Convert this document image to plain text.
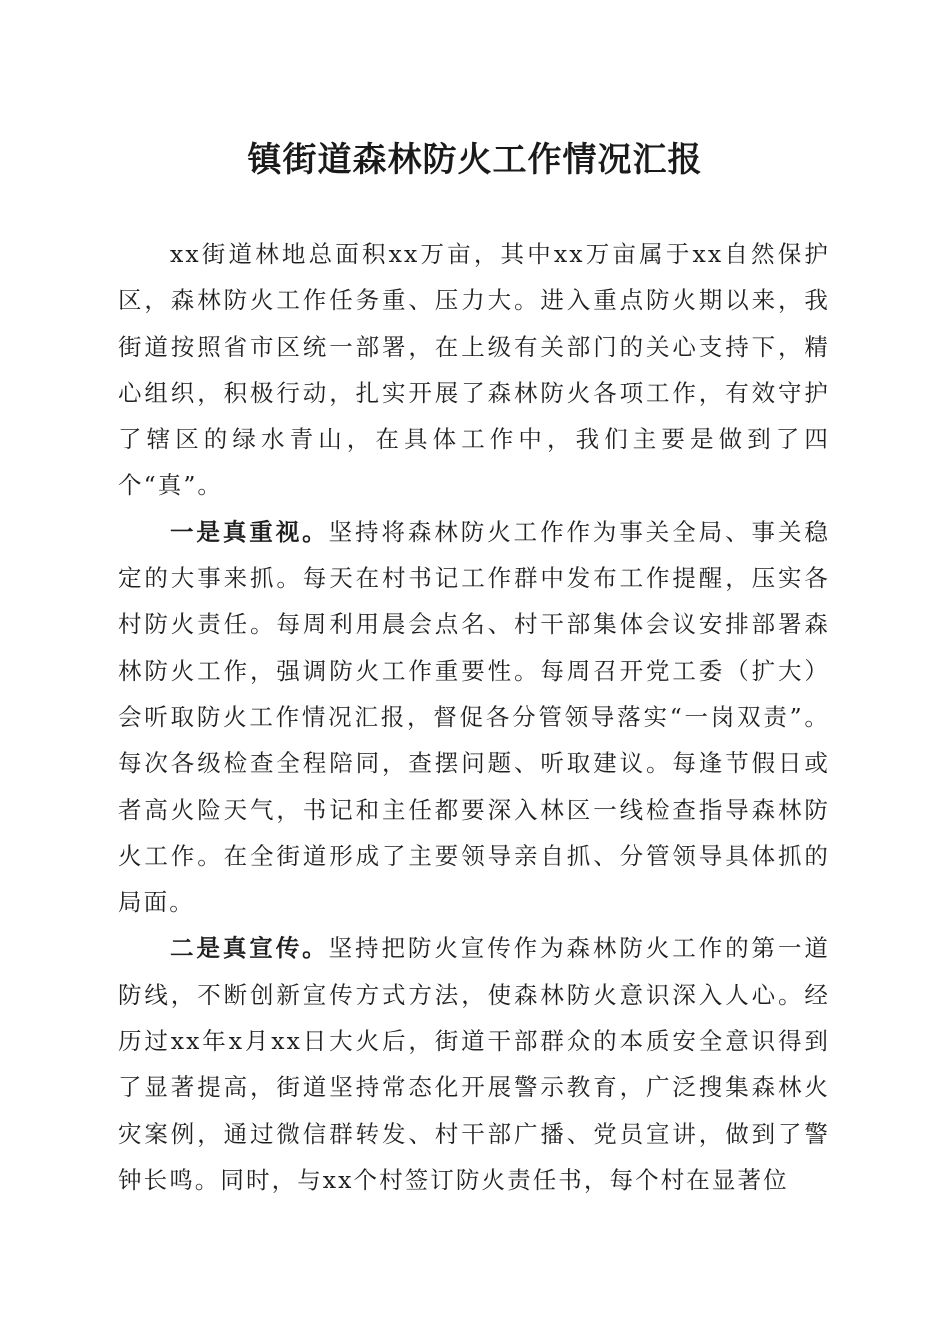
镇街道森林防火工作情况汇报

xx街道林地总面积xx万亩，其中xx万亩属于xx自然保护区，森林防火工作任务重、压力大。进入重点防火期以来，我街道按照省市区统一部署，在上级有关部门的关心支持下，精心组织，积极行动，扎实开展了森林防火各项工作，有效守护了辖区的绿水青山，在具体工作中，我们主要是做到了四个“真”。

一是真重视。坚持将森林防火工作作为事关全局、事关稳定的大事来抓。每天在村书记工作群中发布工作提醒，压实各村防火责任。每周利用晨会点名、村干部集体会议安排部署森林防火工作，强调防火工作重要性。每周召开党工委（扩大）会听取防火工作情况汇报，督促各分管领导落实“一岗双责”。每次各级检查全程陪同，查摆问题、听取建议。每逢节假日或者高火险天气，书记和主任都要深入林区一线检查指导森林防火工作。在全街道形成了主要领导亲自抓、分管领导具体抓的局面。

二是真宣传。坚持把防火宣传作为森林防火工作的第一道防线，不断创新宣传方式方法，使森林防火意识深入人心。经历过xx年x月xx日大火后，街道干部群众的本质安全意识得到了显著提高，街道坚持常态化开展警示教育，广泛搜集森林火灾案例，通过微信群转发、村干部广播、党员宣讲，做到了警钟长鸣。同时，与xx个村签订防火责任书，每个村在显著位
